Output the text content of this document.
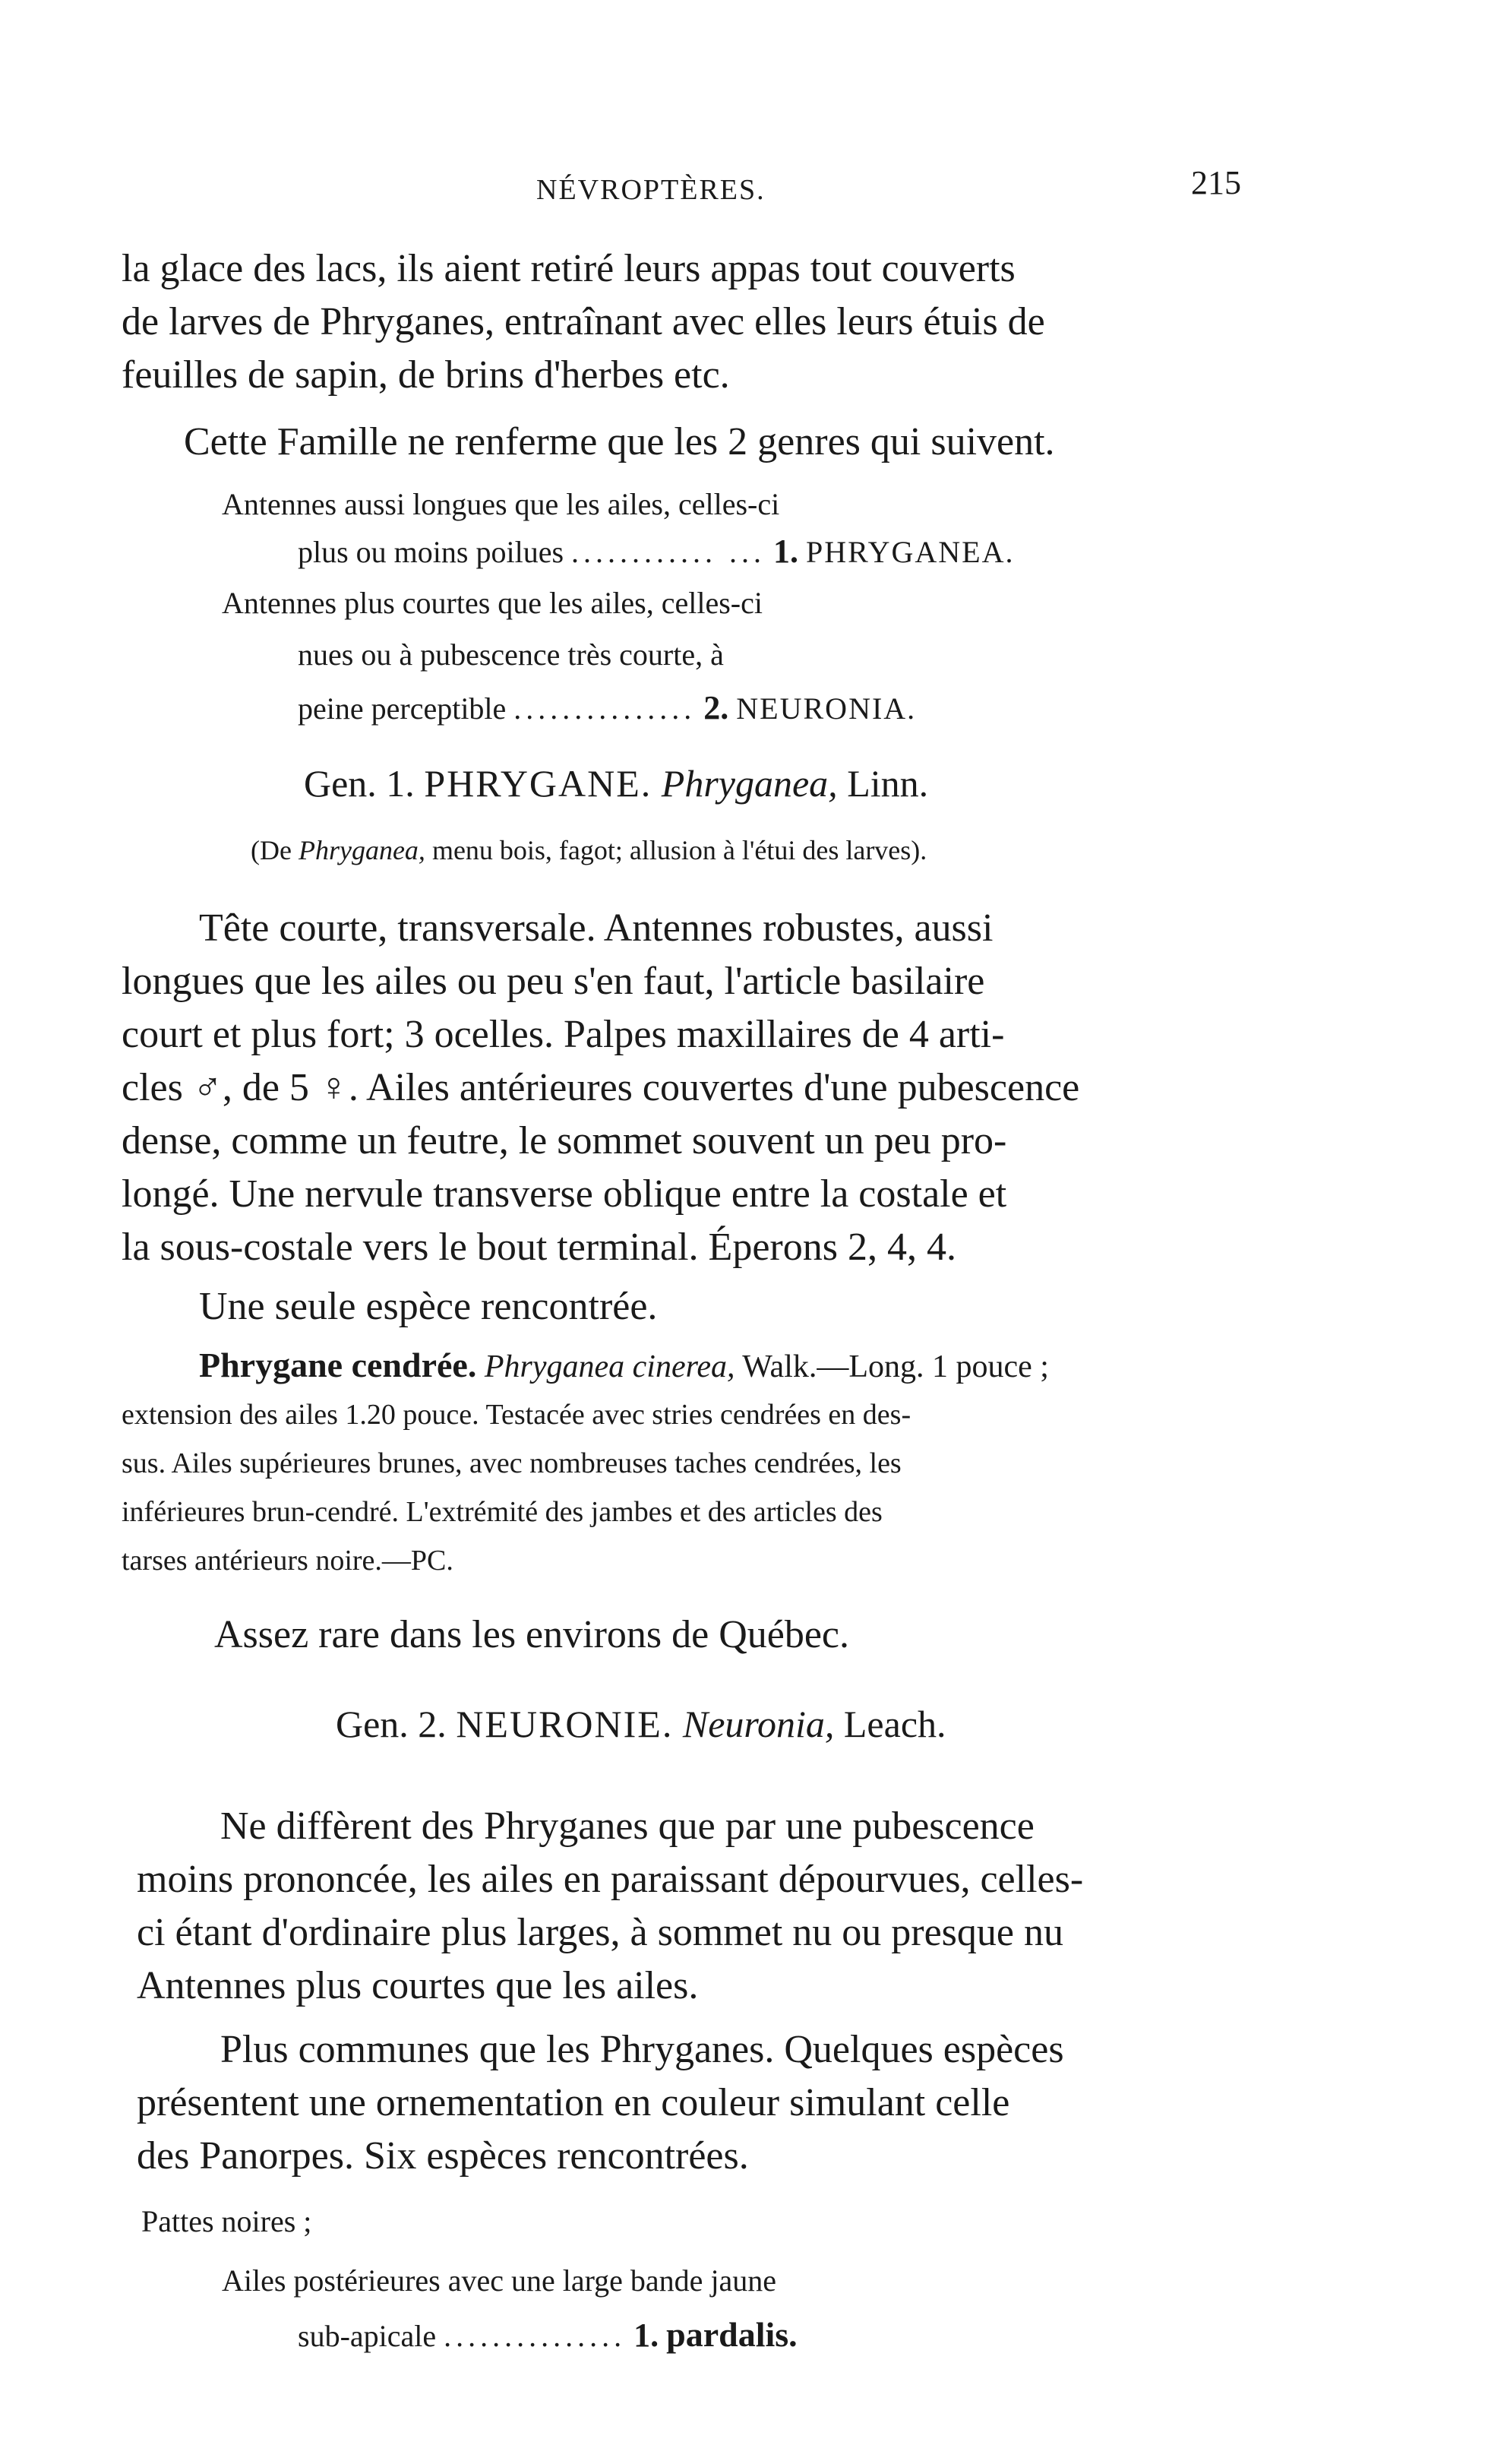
NÉVROPTÈRES.	215
la glace des lacs, ils aient retiré leurs appas tout couverts
de larves de Phryganes, entraînant avec elles leurs étuis de
feuilles de sapin, de brins d'herbes etc.
Cette Famille ne renferme que les 2 genres qui suivent.
Antennes aussi longues que les ailes, celles-ci
plus ou moins poilues ............ ... 1. PHRYGANEA.
Antennes plus courtes que les ailes, celles-ci
nues ou à pubescence très courte, à
peine perceptible ............... 2. NEURONIA.
Gen. 1. PHRYGANE. Phryganea, Linn.
(De Phryganea, menu bois, fagot; allusion à l'étui des larves).
Tête courte, transversale. Antennes robustes, aussi
longues que les ailes ou peu s'en faut, l'article basilaire
court et plus fort; 3 ocelles. Palpes maxillaires de 4 arti-
cles ♂, de 5 ♀. Ailes antérieures couvertes d'une pubescence
dense, comme un feutre, le sommet souvent un peu pro-
longé. Une nervule transverse oblique entre la costale et
la sous-costale vers le bout terminal. Éperons 2, 4, 4.
Une seule espèce rencontrée.
Phrygane cendrée. Phryganea cinerea, Walk.—Long. 1 pouce ;
extension des ailes 1.20 pouce. Testacée avec stries cendrées en des-
sus. Ailes supérieures brunes, avec nombreuses taches cendrées, les
inférieures brun-cendré. L'extrémité des jambes et des articles des
tarses antérieurs noire.—PC.
Assez rare dans les environs de Québec.
Gen. 2. NEURONIE. Neuronia, Leach.
Ne diffèrent des Phryganes que par une pubescence
moins prononcée, les ailes en paraissant dépourvues, celles-
ci étant d'ordinaire plus larges, à sommet nu ou presque nu
Antennes plus courtes que les ailes.
Plus communes que les Phryganes. Quelques espèces
présentent une ornementation en couleur simulant celle
des Panorpes. Six espèces rencontrées.
Pattes noires ;
Ailes postérieures avec une large bande jaune
sub-apicale ............... 1. pardalis.
